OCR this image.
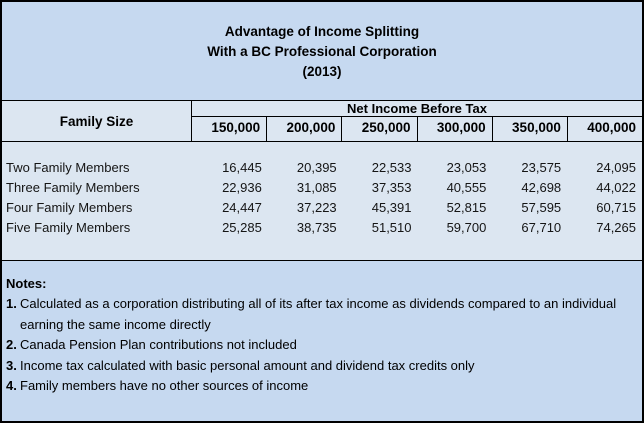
Advantage of Income Splitting
With a BC Professional Corporation
(2013)
Family Size
Net Income Before Tax
150,000	200,000	250,000	300,000	350,000	400,000
Two Family Members	16,445	20,395	22,533	23,053	23,575	24,095
Three Family Members	22,936	31,085	37,353	40,555	42,698	44,022
Four Family Members	24,447	37,223	45,391	52,815	57,595	60,715
Five Family Members	25,285	38,735	51,510	59,700	67,710	74,265
Notes:
1. Calculated as a corporation distributing all of its after tax income as dividends compared to an individual earning the same income directly
2. Canada Pension Plan contributions not included
3. Income tax calculated with basic personal amount and dividend tax credits only
4. Family members have no other sources of income
